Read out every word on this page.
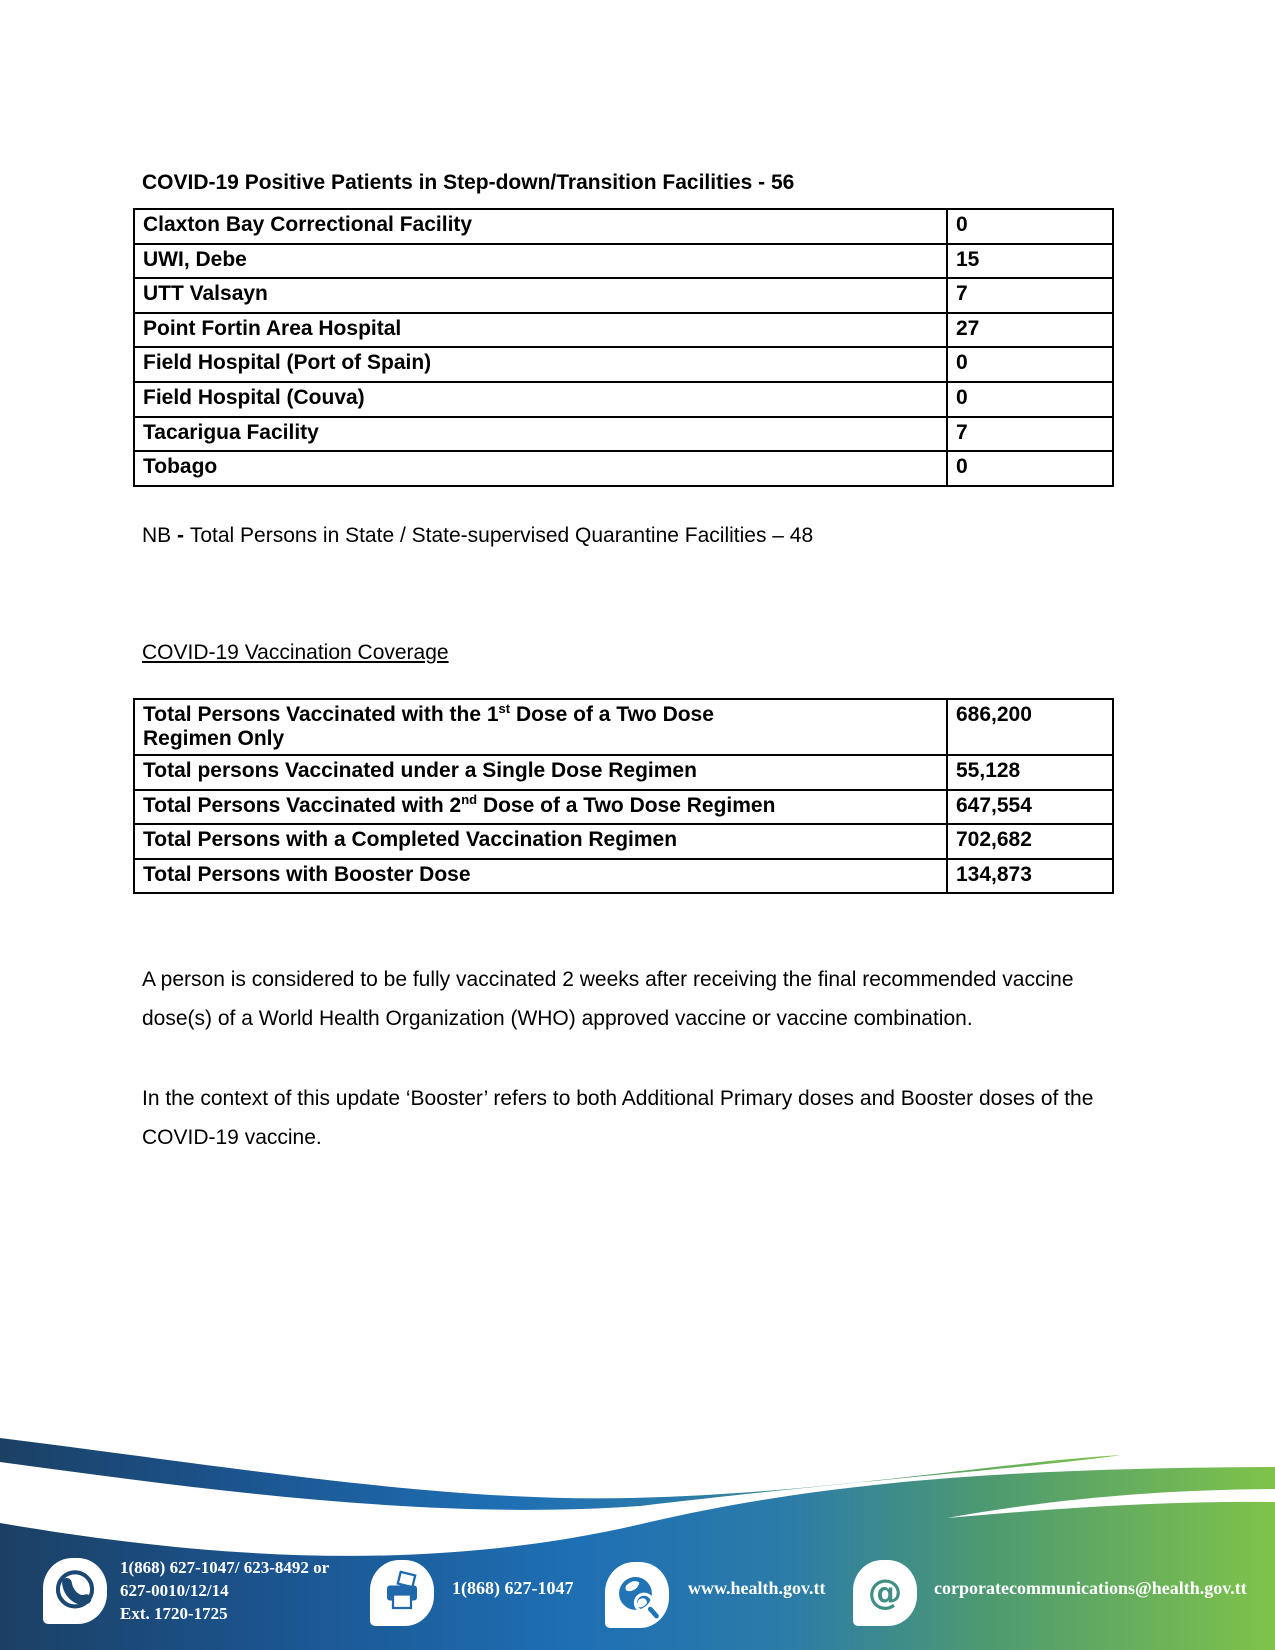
COVID-19 Positive Patients in Step-down/Transition Facilities - 56
Claxton Bay Correctional Facility	0
UWI, Debe	15
UTT Valsayn	7
Point Fortin Area Hospital	27
Field Hospital (Port of Spain)	0
Field Hospital (Couva)	0
Tacarigua Facility	7
Tobago	0
NB - Total Persons in State / State-supervised Quarantine Facilities – 48
COVID-19 Vaccination Coverage
Total Persons Vaccinated with the 1st Dose of a Two Dose
Regimen Only	686,200
Total persons Vaccinated under a Single Dose Regimen	55,128
Total Persons Vaccinated with 2nd Dose of a Two Dose Regimen	647,554
Total Persons with a Completed Vaccination Regimen	702,682
Total Persons with Booster Dose	134,873
A person is considered to be fully vaccinated 2 weeks after receiving the final recommended vaccine dose(s) of a World Health Organization (WHO) approved vaccine or vaccine combination.
In the context of this update ‘Booster’ refers to both Additional Primary doses and Booster doses of the COVID-19 vaccine.
1(868) 627-1047/ 623-8492 or
627-0010/12/14
Ext. 1720-1725
1(868) 627-1047	www.health.gov.tt @ corporatecommunications@health.gov.tt
